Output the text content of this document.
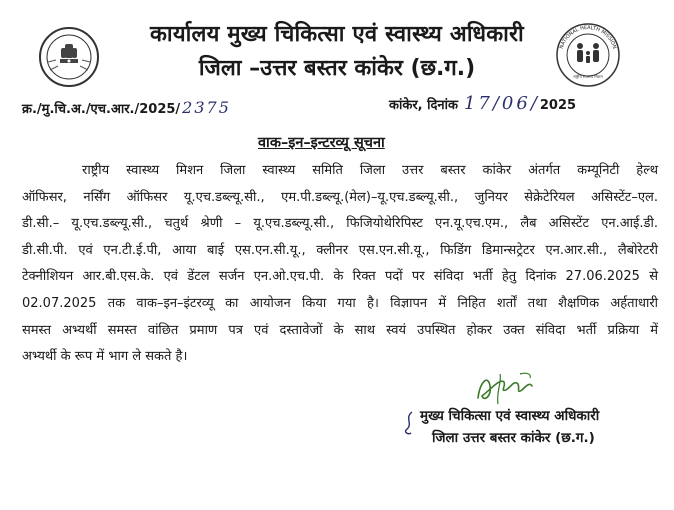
राष्ट्रीय स्वास्थ्य मिशन
NATIONAL HEALTH MISSION
कार्यालय मुख्य चिकित्सा एवं स्वास्थ्य अधिकारी
जिला –उत्तर बस्तर कांकेर (छ.ग.)
क्र./मु.चि.अ./एच.आर./2025/ 2375	कांकेर, दिनांक 17/06/2025
वाक–इन–इन्टरव्यू सूचना
राष्ट्रीय स्वास्थ्य मिशन जिला स्वास्थ्य समिति जिला उत्तर बस्तर कांकेर अंतर्गत कम्यूनिटी हेल्थ
ऑफिसर, नर्सिंग ऑफिसर यू.एच.डब्ल्यू.सी., एम.पी.डब्ल्यू.(मेल)–यू.एच.डब्ल्यू.सी., जुनियर सेक्रेटेरियल असिस्टेंट–एल.
डी.सी.– यू.एच.डब्ल्यू.सी., चतुर्थ श्रेणी – यू.एच.डब्ल्यू.सी., फिजियोथेरिपिस्ट एन.यू.एच.एम., लैब असिस्टेंट एन.आई.डी.
डी.सी.पी. एवं एन.टी.ई.पी, आया बाई एस.एन.सी.यू., क्लीनर एस.एन.सी.यू., फिडिंग डिमान्सट्रेटर एन.आर.सी., लैबोरेटरी
टेक्नीशियन आर.बी.एस.के. एवं डेंटल सर्जन एन.ओ.एच.पी. के रिक्त पदों पर संविदा भर्ती हेतु दिनांक 27.06.2025 से
02.07.2025 तक वाक–इन–इंटरव्यू का आयोजन किया गया है। विज्ञापन में निहित शर्तों तथा शैक्षणिक अर्हताधारी
समस्त अभ्यर्थी समस्त वांछित प्रमाण पत्र एवं दस्तावेजों के साथ स्वयं उपस्थित होकर उक्त संविदा भर्ती प्रक्रिया में
अभ्यर्थी के रूप में भाग ले सकते है।
मुख्य चिकित्सा एवं स्वास्थ्य अधिकारी
जिला उत्तर बस्तर कांकेर (छ.ग.)
